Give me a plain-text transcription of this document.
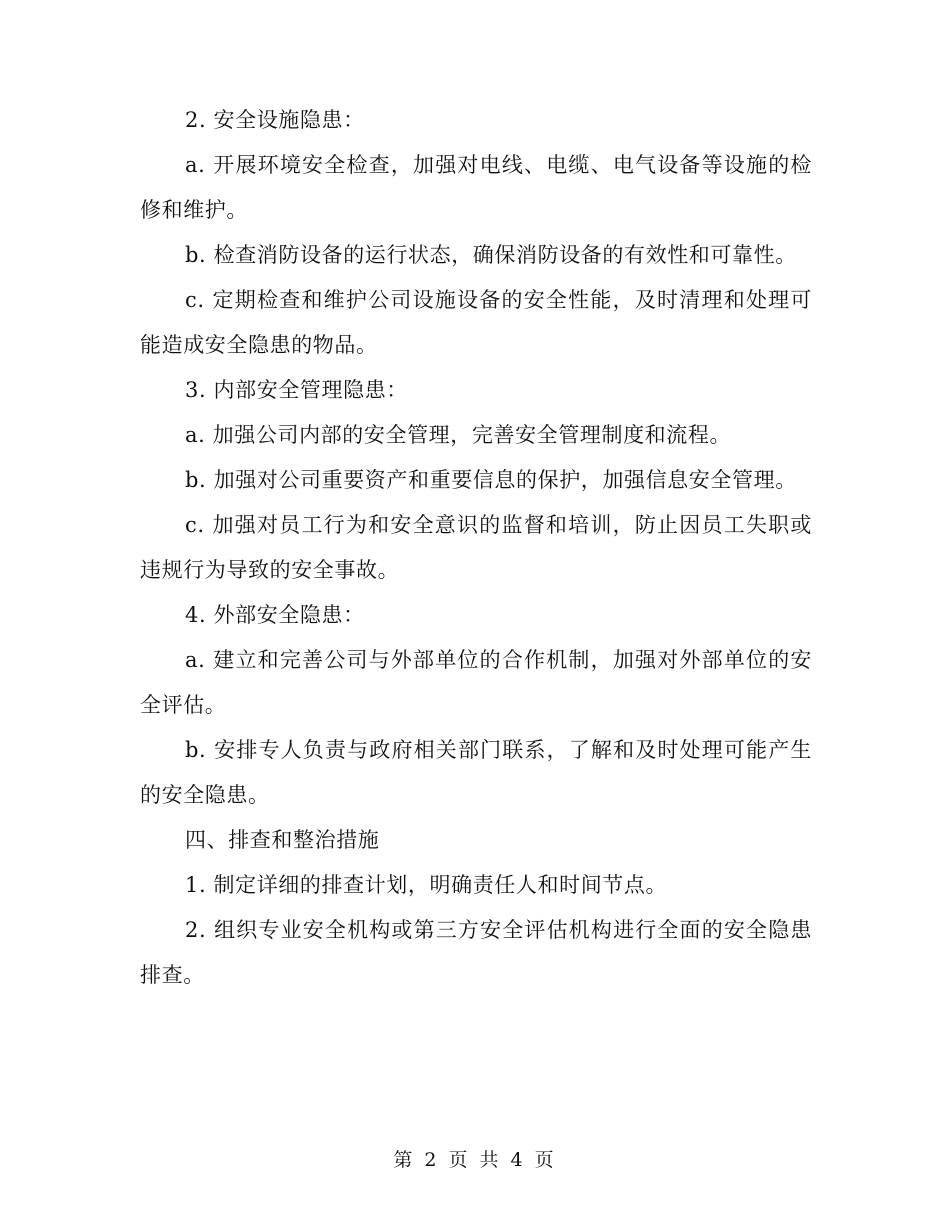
2. 安全设施隐患：

a. 开展环境安全检查，加强对电线、电缆、电气设备等设施的检修和维护。

b. 检查消防设备的运行状态，确保消防设备的有效性和可靠性。

c. 定期检查和维护公司设施设备的安全性能，及时清理和处理可能造成安全隐患的物品。

3. 内部安全管理隐患：

a. 加强公司内部的安全管理，完善安全管理制度和流程。

b. 加强对公司重要资产和重要信息的保护，加强信息安全管理。

c. 加强对员工行为和安全意识的监督和培训，防止因员工失职或违规行为导致的安全事故。

4. 外部安全隐患：

a. 建立和完善公司与外部单位的合作机制，加强对外部单位的安全评估。

b. 安排专人负责与政府相关部门联系，了解和及时处理可能产生的安全隐患。

四、排查和整治措施

1. 制定详细的排查计划，明确责任人和时间节点。

2. 组织专业安全机构或第三方安全评估机构进行全面的安全隐患排查。

第 2 页 共 4 页
